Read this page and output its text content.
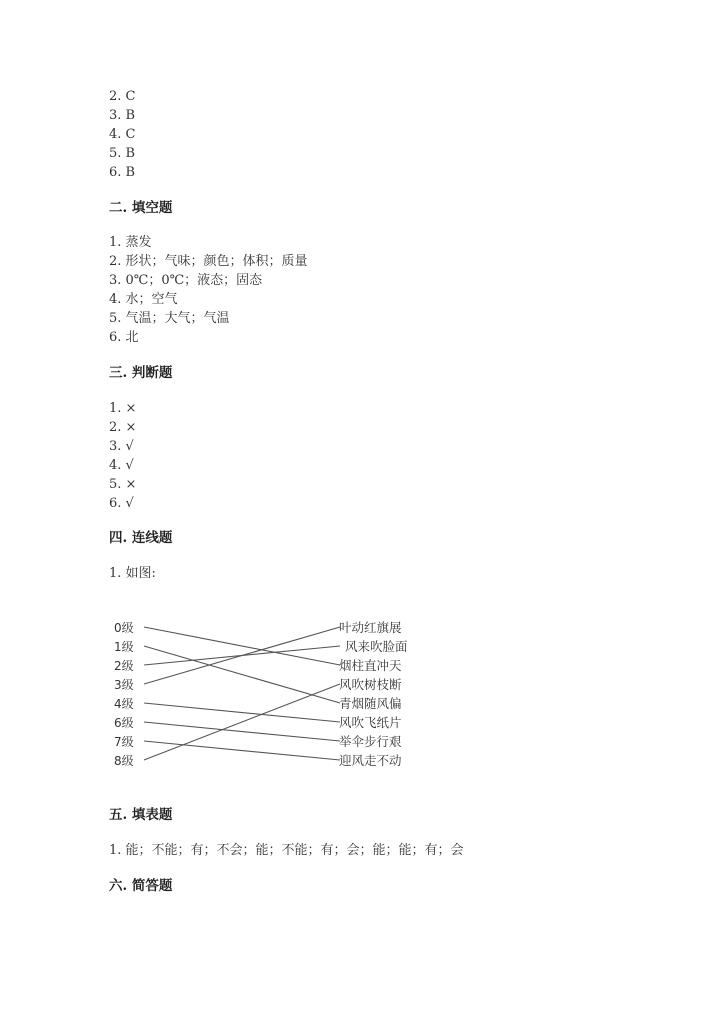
2. C
3. B
4. C
5. B
6. B
二. 填空题
1. 蒸发
2. 形状；气味；颜色；体积；质量
3. 0℃；0℃；液态；固态
4. 水；空气
5. 气温；大气；气温
6. 北
三. 判断题
1. ×
2. ×
3. √
4. √
5. ×
6. √
四. 连线题
1. 如图:
0级
1级
2级
3级
4级
6级
7级
8级
叶动红旗展
风来吹脸面
烟柱直冲天
风吹树枝断
青烟随风偏
风吹飞纸片
举伞步行艰
迎风走不动
五. 填表题
1. 能；不能；有；不会；能；不能；有；会；能；能；有；会
六. 简答题
